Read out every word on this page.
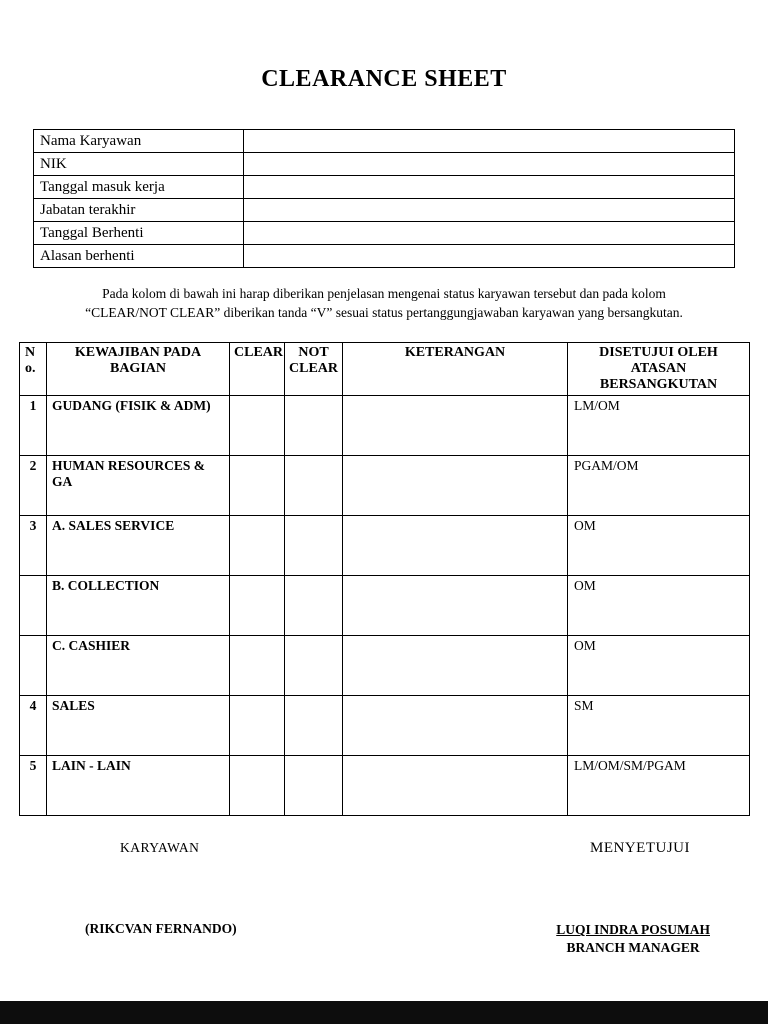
CLEARANCE SHEET
Nama Karyawan	
NIK	
Tanggal masuk kerja	
Jabatan terakhir	
Tanggal Berhenti	
Alasan berhenti	
Pada kolom di bawah ini harap diberikan penjelasan mengenai status karyawan tersebut dan pada kolom
“CLEAR/NOT CLEAR” diberikan tanda “V” sesuai status pertanggungjawaban karyawan yang bersangkutan.
No.	KEWAJIBAN PADA BAGIAN	CLEAR	NOT CLEAR	KETERANGAN	DISETUJUI OLEH ATASAN BERSANGKUTAN
1	GUDANG (FISIK & ADM)				LM/OM
2	HUMAN RESOURCES & GA				PGAM/OM
3	A. SALES SERVICE				OM
	B. COLLECTION				OM
	C. CASHIER				OM
4	SALES				SM
5	LAIN - LAIN				LM/OM/SM/PGAM
KARYAWAN	MENYETUJUI
(RIKCVAN FERNANDO)	LUQI INDRA POSUMAH
BRANCH MANAGER
